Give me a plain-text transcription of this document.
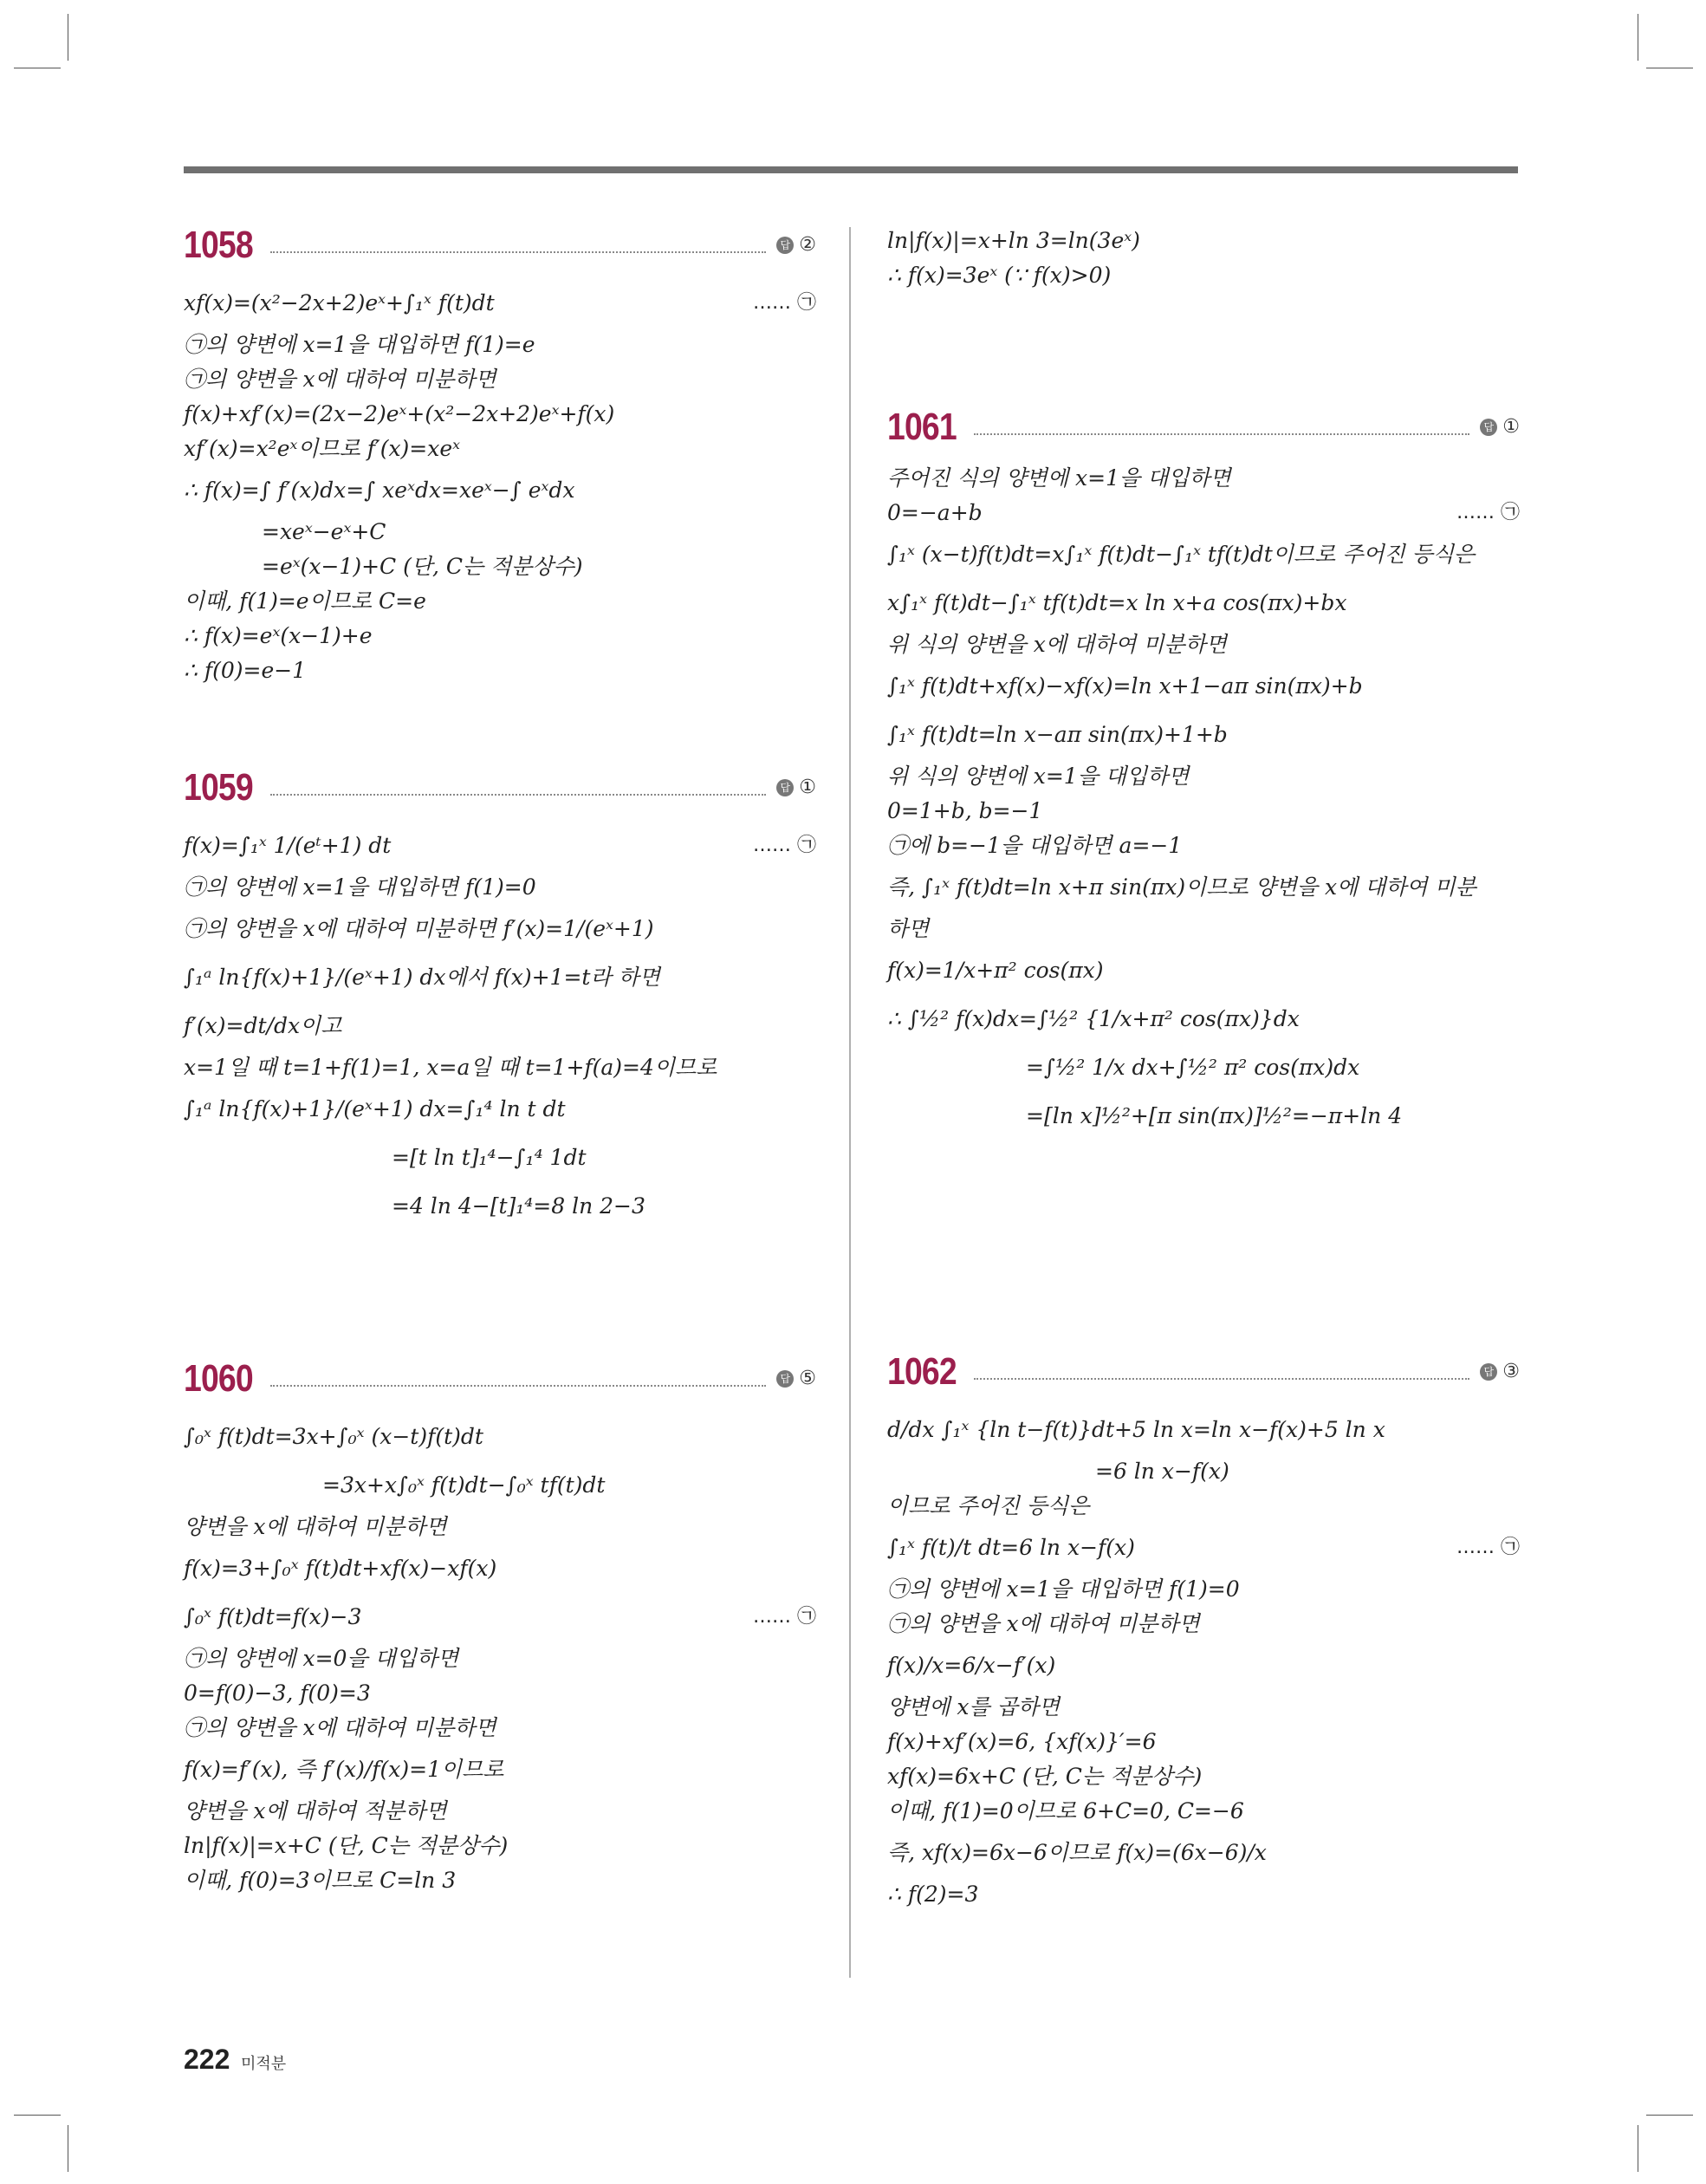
1058	답 ②
xf(x)=(x²−2x+2)eˣ+∫₁ˣ f(t)dt	…… ㉠
㉠의 양변에 x=1을 대입하면 f(1)=e
㉠의 양변을 x에 대하여 미분하면
f(x)+xf′(x)=(2x−2)eˣ+(x²−2x+2)eˣ+f(x)
xf′(x)=x²eˣ이므로 f′(x)=xeˣ
∴ f(x)=∫ f′(x)dx=∫ xeˣdx=xeˣ−∫ eˣdx
=xeˣ−eˣ+C
=eˣ(x−1)+C (단, C는 적분상수)
이때, f(1)=e이므로 C=e
∴ f(x)=eˣ(x−1)+e
∴ f(0)=e−1
1059	답 ①
f(x)=∫₁ˣ 1/(eᵗ+1) dt	…… ㉠
㉠의 양변에 x=1을 대입하면 f(1)=0
㉠의 양변을 x에 대하여 미분하면 f′(x)=1/(eˣ+1)
∫₁ᵃ ln{f(x)+1}/(eˣ+1) dx에서 f(x)+1=t라 하면
f′(x)=dt/dx이고
x=1일 때 t=1+f(1)=1, x=a일 때 t=1+f(a)=4이므로
∫₁ᵃ ln{f(x)+1}/(eˣ+1) dx=∫₁⁴ ln t dt
=[t ln t]₁⁴−∫₁⁴ 1dt
=4 ln 4−[t]₁⁴=8 ln 2−3
1060	답 ⑤
∫₀ˣ f(t)dt=3x+∫₀ˣ (x−t)f(t)dt
=3x+x∫₀ˣ f(t)dt−∫₀ˣ tf(t)dt
양변을 x에 대하여 미분하면
f(x)=3+∫₀ˣ f(t)dt+xf(x)−xf(x)
∫₀ˣ f(t)dt=f(x)−3	…… ㉠
㉠의 양변에 x=0을 대입하면
0=f(0)−3, f(0)=3
㉠의 양변을 x에 대하여 미분하면
f(x)=f′(x), 즉 f′(x)/f(x)=1이므로
양변을 x에 대하여 적분하면
ln|f(x)|=x+C (단, C는 적분상수)
이때, f(0)=3이므로 C=ln 3
ln|f(x)|=x+ln 3=ln(3eˣ)
∴ f(x)=3eˣ (∵ f(x)>0)
1061	답 ①
주어진 식의 양변에 x=1을 대입하면
0=−a+b	…… ㉠
∫₁ˣ (x−t)f(t)dt=x∫₁ˣ f(t)dt−∫₁ˣ tf(t)dt이므로 주어진 등식은
x∫₁ˣ f(t)dt−∫₁ˣ tf(t)dt=x ln x+a cos(πx)+bx
위 식의 양변을 x에 대하여 미분하면
∫₁ˣ f(t)dt+xf(x)−xf(x)=ln x+1−aπ sin(πx)+b
∫₁ˣ f(t)dt=ln x−aπ sin(πx)+1+b
위 식의 양변에 x=1을 대입하면
0=1+b, b=−1
㉠에 b=−1을 대입하면 a=−1
즉, ∫₁ˣ f(t)dt=ln x+π sin(πx)이므로 양변을 x에 대하여 미분
하면
f(x)=1/x+π² cos(πx)
∴ ∫½² f(x)dx=∫½² {1/x+π² cos(πx)}dx
=∫½² 1/x dx+∫½² π² cos(πx)dx
=[ln x]½²+[π sin(πx)]½²=−π+ln 4
1062	답 ③
d/dx ∫₁ˣ {ln t−f(t)}dt+5 ln x=ln x−f(x)+5 ln x
=6 ln x−f(x)
이므로 주어진 등식은
∫₁ˣ f(t)/t dt=6 ln x−f(x)	…… ㉠
㉠의 양변에 x=1을 대입하면 f(1)=0
㉠의 양변을 x에 대하여 미분하면
f(x)/x=6/x−f′(x)
양변에 x를 곱하면
f(x)+xf′(x)=6, {xf(x)}′=6
xf(x)=6x+C (단, C는 적분상수)
이때, f(1)=0이므로 6+C=0, C=−6
즉, xf(x)=6x−6이므로 f(x)=(6x−6)/x
∴ f(2)=3
222 미적분
